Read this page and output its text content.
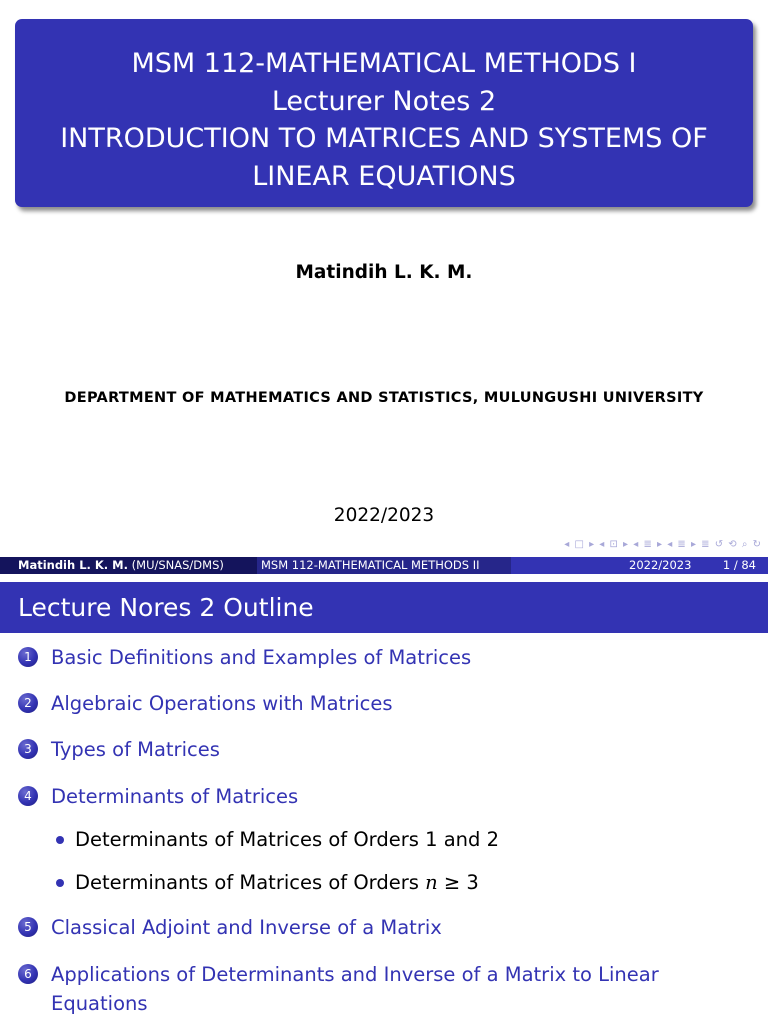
MSM 112-MATHEMATICAL METHODS I
Lecturer Notes 2
INTRODUCTION TO MATRICES AND SYSTEMS OF
LINEAR EQUATIONS
Matindih L. K. M.
DEPARTMENT OF MATHEMATICS AND STATISTICS, MULUNGUSHI UNIVERSITY
2022/2023
◂ □ ▸ ◂ ⊡ ▸ ◂ ≣ ▸ ◂ ≣ ▸ ≣ ↺ ⟲ ⌕ ↻
Matindih L. K. M. (MU/SNAS/DMS)	MSM 112-MATHEMATICAL METHODS II	2022/2023	1 / 84
Lecture Nores 2 Outline
1 Basic Definitions and Examples of Matrices
2 Algebraic Operations with Matrices
3 Types of Matrices
4 Determinants of Matrices
Determinants of Matrices of Orders 1 and 2
Determinants of Matrices of Orders n ≥ 3
5 Classical Adjoint and Inverse of a Matrix
6 Applications of Determinants and Inverse of a Matrix to Linear
Equations
